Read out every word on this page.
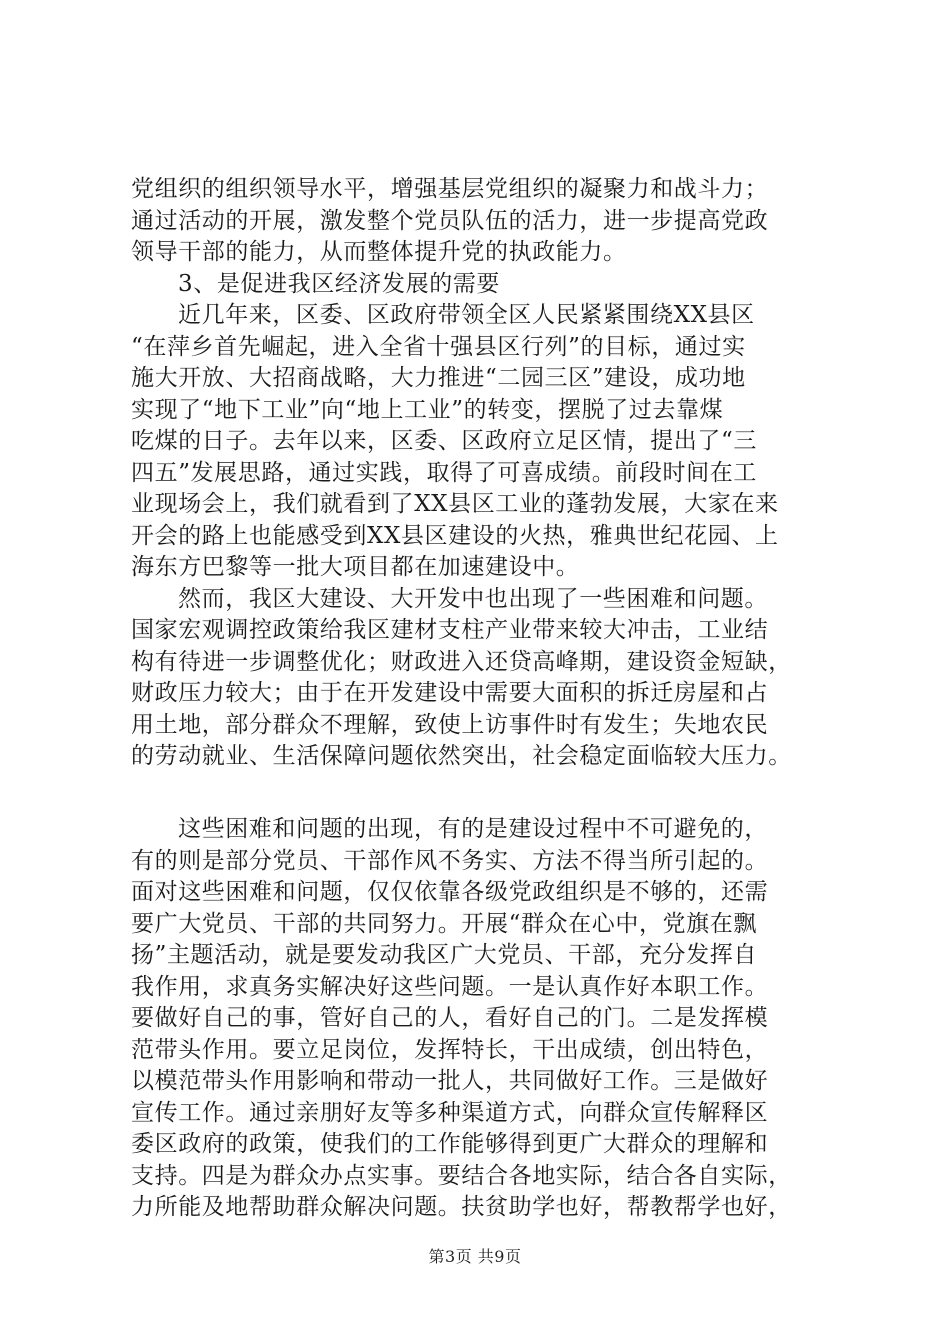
党组织的组织领导水平，增强基层党组织的凝聚力和战斗力；
通过活动的开展，激发整个党员队伍的活力，进一步提高党政
领导干部的能力，从而整体提升党的执政能力。
3、是促进我区经济发展的需要
近几年来，区委、区政府带领全区人民紧紧围绕XX县区
“在萍乡首先崛起，进入全省十强县区行列”的目标，通过实
施大开放、大招商战略，大力推进“二园三区”建设，成功地
实现了“地下工业”向“地上工业”的转变，摆脱了过去靠煤
吃煤的日子。去年以来，区委、区政府立足区情，提出了“三
四五”发展思路，通过实践，取得了可喜成绩。前段时间在工
业现场会上，我们就看到了XX县区工业的蓬勃发展，大家在来
开会的路上也能感受到XX县区建设的火热，雅典世纪花园、上
海东方巴黎等一批大项目都在加速建设中。
然而，我区大建设、大开发中也出现了一些困难和问题。
国家宏观调控政策给我区建材支柱产业带来较大冲击，工业结
构有待进一步调整优化；财政进入还贷高峰期，建设资金短缺，
财政压力较大；由于在开发建设中需要大面积的拆迁房屋和占
用土地，部分群众不理解，致使上访事件时有发生；失地农民
的劳动就业、生活保障问题依然突出，社会稳定面临较大压力。
这些困难和问题的出现，有的是建设过程中不可避免的，
有的则是部分党员、干部作风不务实、方法不得当所引起的。
面对这些困难和问题，仅仅依靠各级党政组织是不够的，还需
要广大党员、干部的共同努力。开展“群众在心中，党旗在飘
扬”主题活动，就是要发动我区广大党员、干部，充分发挥自
我作用，求真务实解决好这些问题。一是认真作好本职工作。
要做好自己的事，管好自己的人，看好自己的门。二是发挥模
范带头作用。要立足岗位，发挥特长，干出成绩，创出特色，
以模范带头作用影响和带动一批人，共同做好工作。三是做好
宣传工作。通过亲朋好友等多种渠道方式，向群众宣传解释区
委区政府的政策，使我们的工作能够得到更广大群众的理解和
支持。四是为群众办点实事。要结合各地实际，结合各自实际，
力所能及地帮助群众解决问题。扶贫助学也好，帮教帮学也好，
第3页 共9页
